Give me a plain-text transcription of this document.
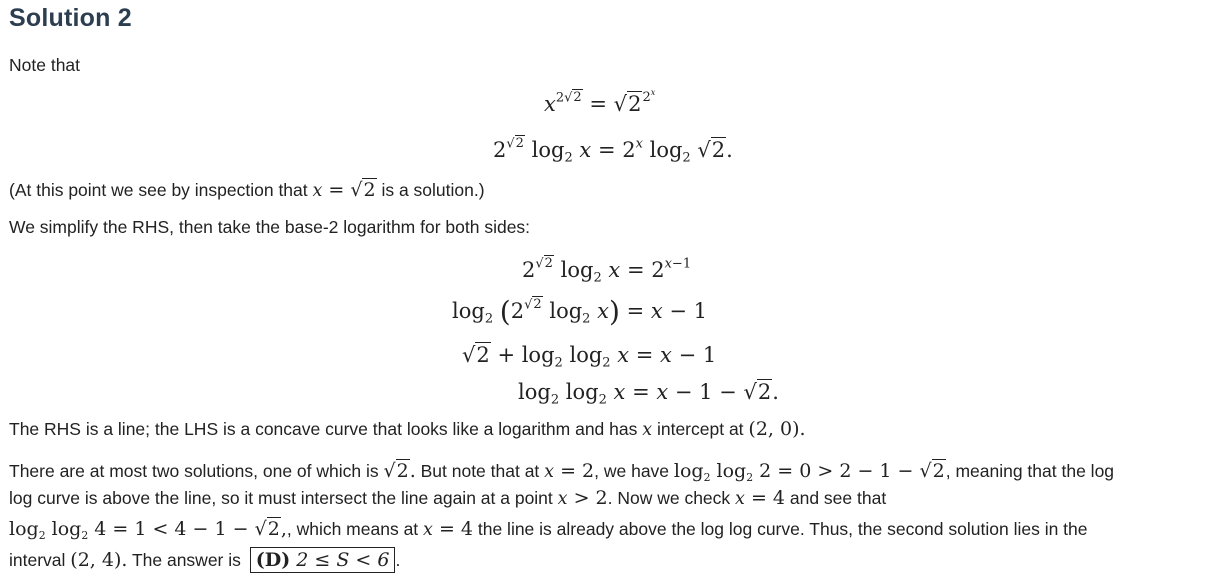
Solution 2
Note that
$x^{2√2} = √2^{2^x}$
$2^{√2}$ $\log_2 x = 2^x$ $\log_2 √2$.
(At this point we see by inspection that x = √2 is a solution.)
We simplify the RHS, then take the base-2 logarithm for both sides:
$2^{√2}$ $\log_2 x = 2^{x-1}$
$\log_2 (2^{√2}$ $\log_2 x) = x - 1$
$√2 + \log_2 \log_2 x = x - 1$
$\log_2 \log_2 x = x - 1 - √2$.
The RHS is a line; the LHS is a concave curve that looks like a logarithm and has x intercept at (2, 0).
There are at most two solutions, one of which is √2. But note that at x = 2, we have $\log_2 \log_2 2 = 0 > 2 - 1 - √2$, meaning that the log
log curve is above the line, so it must intersect the line again at a point x > 2. Now we check x = 4 and see that
$\log_2 \log_2 4 = 1 < 4 - 1 - √2$,, which means at x = 4 the line is already above the log log curve. Thus, the second solution lies in the
interval (2, 4). The answer is (D) 2 ≤ S < 6 .
